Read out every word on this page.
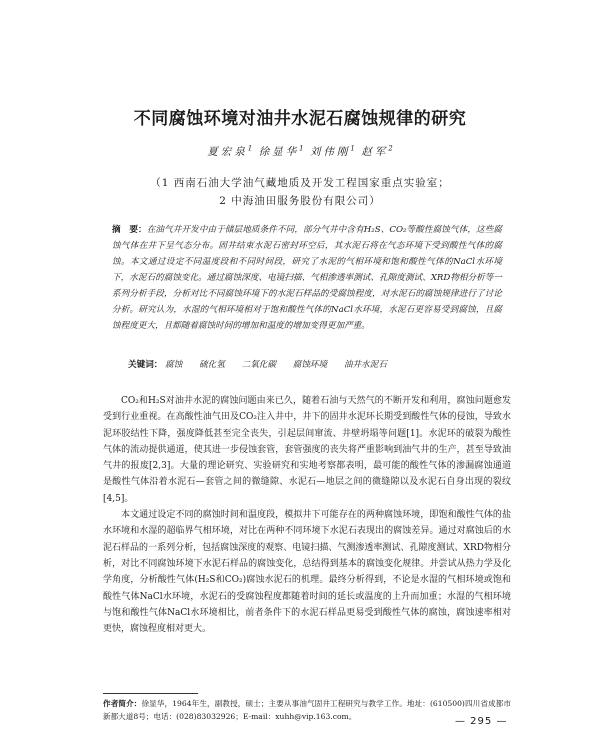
不同腐蚀环境对油井水泥石腐蚀规律的研究
夏宏泉$^1$ 徐显华$^1$ 刘伟刚$^1$ 赵军$^2$
（1 西南石油大学油气藏地质及开发工程国家重点实验室；
2 中海油田服务股份有限公司）
摘　要：在油气井开发中由于储层地质条件不同，部分气井中含有H₂S、CO₂等酸性腐蚀气体，这些腐蚀气体在井下呈气态分布。固井结束水泥石密封环空后，其水泥石将在气态环境下受到酸性气体的腐蚀。本文通过设定不同温度段和不同时间段，研究了水泥的气相环境和饱和酸性气体的NaCl水环境下，水泥石的腐蚀变化。通过腐蚀深度、电镜扫描、气相渗透率测试、孔隙度测试、XRD物相分析等一系列分析手段，分析对比不同腐蚀环境下的水泥石样品的受腐蚀程度，对水泥石的腐蚀规律进行了讨论分析。研究认为，水湿的气相环境相对于饱和酸性气体的NaCl水环境，水泥石更容易受到腐蚀，且腐蚀程度更大，且都随着腐蚀时间的增加和温度的增加变得更加严重。
关键词： 腐蚀 硫化氢 二氧化碳 腐蚀环境 油井水泥石

CO₂和H₂S对油井水泥的腐蚀问题由来已久，随着石油与天然气的不断开发和利用，腐蚀问题愈发受到行业重视。在高酸性油气田及CO₂注入井中，井下的固井水泥环长期受到酸性气体的侵蚀，导致水泥环胶结性下降，强度降低甚至完全丧失，引起层间窜流、井壁坍塌等问题[1]。水泥环的破裂为酸性气体的流动提供通道，使其进一步侵蚀套管，套管强度的丧失将严重影响到油气井的生产，甚至导致油气井的报废[2,3]。大量的理论研究、实验研究和实地考察都表明，最可能的酸性气体的渗漏腐蚀通道是酸性气体沿着水泥石—套管之间的微缝隙、水泥石—地层之间的微缝隙以及水泥石自身出现的裂纹[4,5]。

本文通过设定不同的腐蚀时间和温度段，模拟井下可能存在的两种腐蚀环境，即饱和酸性气体的盐水环境和水湿的超临界气相环境，对比在两种不同环境下水泥石表现出的腐蚀差异。通过对腐蚀后的水泥石样品的一系列分析，包括腐蚀深度的观察、电镜扫描、气测渗透率测试、孔隙度测试、XRD物相分析，对比不同腐蚀环境下水泥石样品的腐蚀变化，总结得到基本的腐蚀变化规律。并尝试从热力学及化学角度，分析酸性气体(H₂S和CO₂)腐蚀水泥石的机理。最终分析得到，不论是水湿的气相环境或饱和酸性气体NaCl水环境，水泥石的受腐蚀程度都随着时间的延长或温度的上升而加重；水湿的气相环境与饱和酸性气体NaCl水环境相比，前者条件下的水泥石样品更易受到酸性气体的腐蚀，腐蚀速率相对更快，腐蚀程度相对更大。

作者简介：徐显华，1964年生，副教授，硕士；主要从事油气固井工程研究与教学工作。地址：(610500)四川省成都市新都大道8号；电话：(028)83032926；E-mail：xuhh@vip.163.com。	— 295 —
